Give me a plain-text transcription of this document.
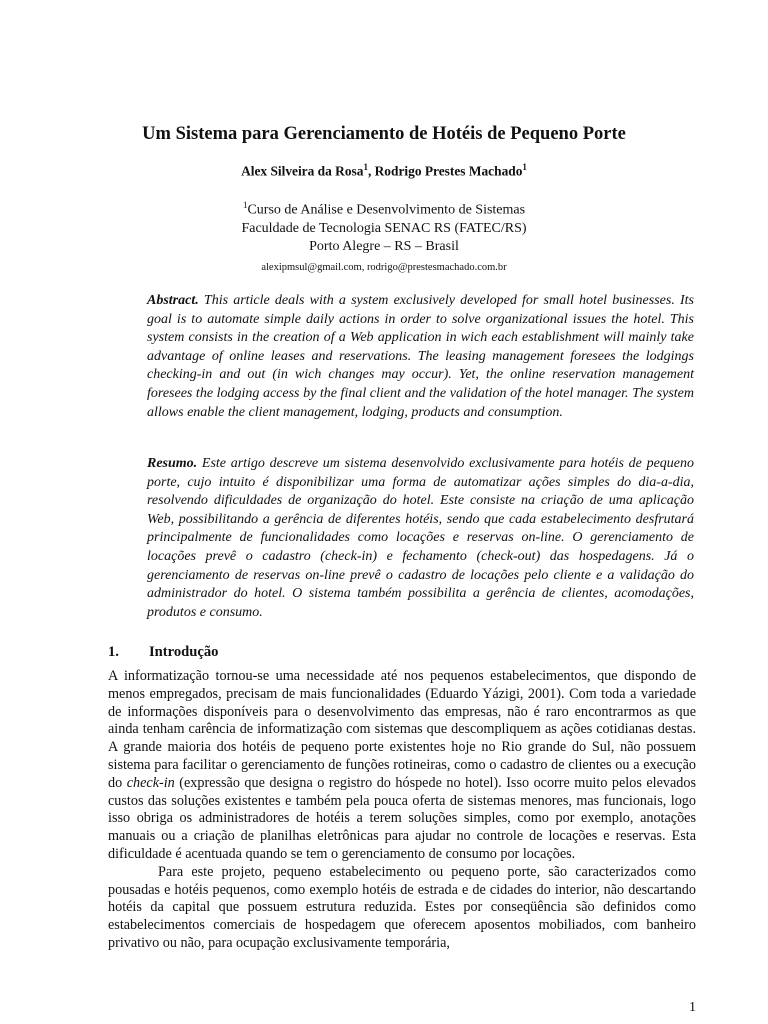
Um Sistema para Gerenciamento de Hotéis de Pequeno Porte
Alex Silveira da Rosa$^1$, Rodrigo Prestes Machado$^1$
$^1$Curso de Análise e Desenvolvimento de Sistemas
Faculdade de Tecnologia SENAC RS (FATEC/RS)
Porto Alegre – RS – Brasil
alexipmsul@gmail.com, rodrigo@prestesmachado.com.br

Abstract. This article deals with a system exclusively developed for small hotel businesses. Its goal is to automate simple daily actions in order to solve organizational issues the hotel. This system consists in the creation of a Web application in wich each establishment will mainly take advantage of online leases and reservations. The leasing management foresees the lodgings checking-in and out (in wich changes may occur). Yet, the online reservation management foresees the lodging access by the final client and the validation of the hotel manager. The system allows enable the client management, lodging, products and consumption.

Resumo. Este artigo descreve um sistema desenvolvido exclusivamente para hotéis de pequeno porte, cujo intuito é disponibilizar uma forma de automatizar ações simples do dia-a-dia, resolvendo dificuldades de organização do hotel. Este consiste na criação de uma aplicação Web, possibilitando a gerência de diferentes hotéis, sendo que cada estabelecimento desfrutará principalmente de funcionalidades como locações e reservas on-line. O gerenciamento de locações prevê o cadastro (check-in) e fechamento (check-out) das hospedagens. Já o gerenciamento de reservas on-line prevê o cadastro de locações pelo cliente e a validação do administrador do hotel. O sistema também possibilita a gerência de clientes, acomodações, produtos e consumo.

1. Introdução

A informatização tornou-se uma necessidade até nos pequenos estabelecimentos, que dispondo de menos empregados, precisam de mais funcionalidades (Eduardo Yázigi, 2001). Com toda a variedade de informações disponíveis para o desenvolvimento das empresas, não é raro encontrarmos as que ainda tenham carência de informatização com sistemas que descompliquem as ações cotidianas destas. A grande maioria dos hotéis de pequeno porte existentes hoje no Rio grande do Sul, não possuem sistema para facilitar o gerenciamento de funções rotineiras, como o cadastro de clientes ou a execução do check-in (expressão que designa o registro do hóspede no hotel). Isso ocorre muito pelos elevados custos das soluções existentes e também pela pouca oferta de sistemas menores, mas funcionais, logo isso obriga os administradores de hotéis a terem soluções simples, como por exemplo, anotações manuais ou a criação de planilhas eletrônicas para ajudar no controle de locações e reservas. Esta dificuldade é acentuada quando se tem o gerenciamento de consumo por locações.

Para este projeto, pequeno estabelecimento ou pequeno porte, são caracterizados como pousadas e hotéis pequenos, como exemplo hotéis de estrada e de cidades do interior, não descartando hotéis da capital que possuem estrutura reduzida. Estes por conseqüência são definidos como estabelecimentos comerciais de hospedagem que oferecem aposentos mobiliados, com banheiro privativo ou não, para ocupação exclusivamente temporária,

1
